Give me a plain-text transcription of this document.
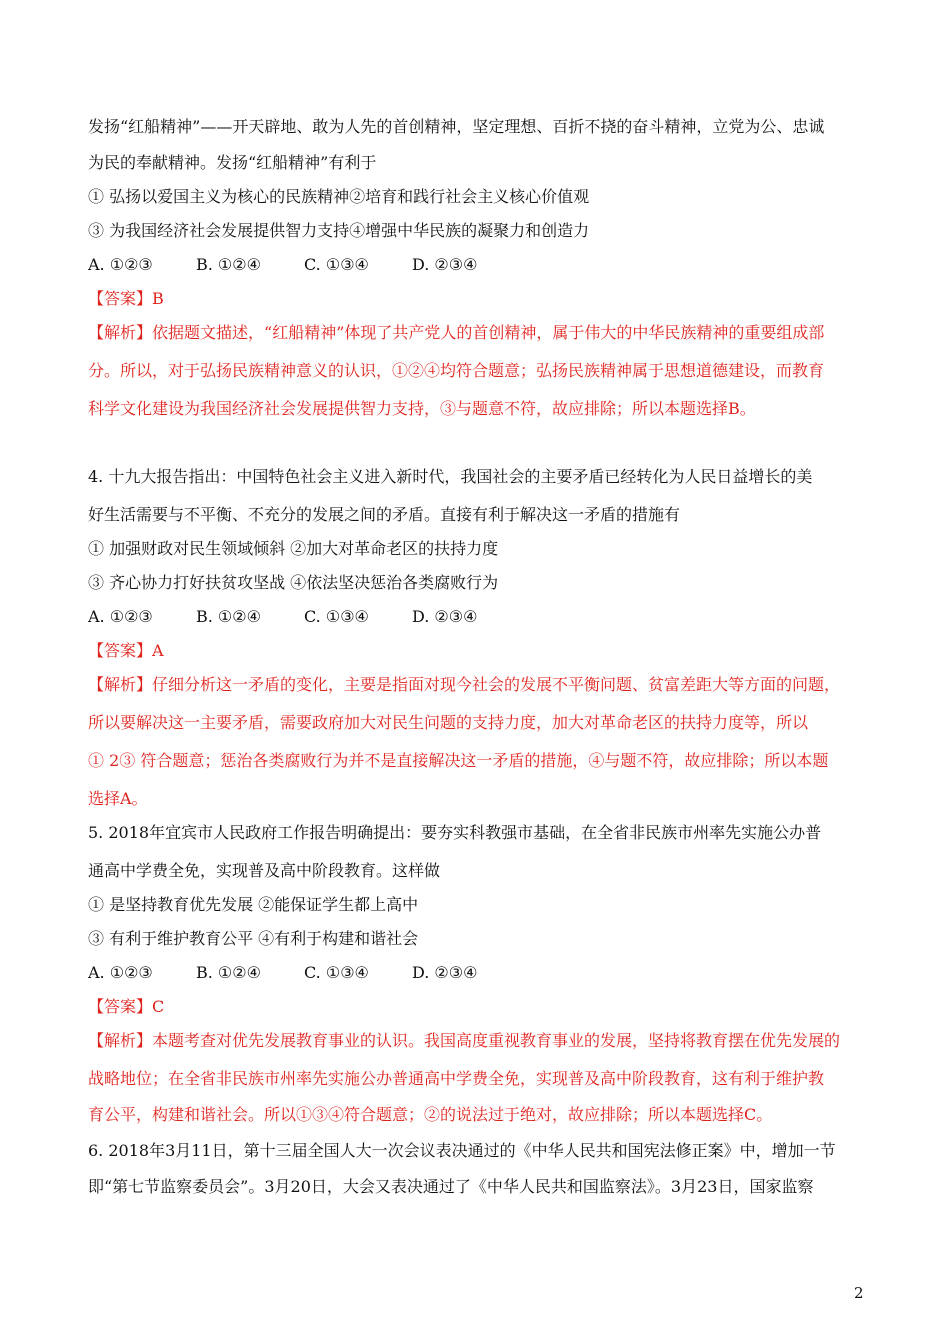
发扬“红船精神”——开天辟地、敢为人先的首创精神，坚定理想、百折不挠的奋斗精神，立党为公、忠诚
为民的奉献精神。发扬“红船精神”有利于
① 弘扬以爱国主义为核心的民族精神②培育和践行社会主义核心价值观
③ 为我国经济社会发展提供智力支持④增强中华民族的凝聚力和创造力
A. ①②③	B. ①②④	C. ①③④	D. ②③④
【答案】B
【解析】依据题文描述，“红船精神”体现了共产党人的首创精神，属于伟大的中华民族精神的重要组成部
分。所以，对于弘扬民族精神意义的认识，①②④均符合题意；弘扬民族精神属于思想道德建设，而教育
科学文化建设为我国经济社会发展提供智力支持，③与题意不符，故应排除；所以本题选择B。
4. 十九大报告指出：中国特色社会主义进入新时代，我国社会的主要矛盾已经转化为人民日益增长的美
好生活需要与不平衡、不充分的发展之间的矛盾。直接有利于解决这一矛盾的措施有
① 加强财政对民生领域倾斜 ②加大对革命老区的扶持力度
③ 齐心协力打好扶贫攻坚战 ④依法坚决惩治各类腐败行为
A. ①②③	B. ①②④	C. ①③④	D. ②③④
【答案】A
【解析】仔细分析这一矛盾的变化，主要是指面对现今社会的发展不平衡问题、贫富差距大等方面的问题，
所以要解决这一主要矛盾，需要政府加大对民生问题的支持力度，加大对革命老区的扶持力度等，所以
① 2③ 符合题意；惩治各类腐败行为并不是直接解决这一矛盾的措施，④与题不符，故应排除；所以本题
选择A。
5. 2018年宜宾市人民政府工作报告明确提出：要夯实科教强市基础，在全省非民族市州率先实施公办普
通高中学费全免，实现普及高中阶段教育。这样做
① 是坚持教育优先发展 ②能保证学生都上高中
③ 有利于维护教育公平 ④有利于构建和谐社会
A. ①②③	B. ①②④	C. ①③④	D. ②③④
【答案】C
【解析】本题考查对优先发展教育事业的认识。我国高度重视教育事业的发展，坚持将教育摆在优先发展的
战略地位；在全省非民族市州率先实施公办普通高中学费全免，实现普及高中阶段教育，这有利于维护教
育公平，构建和谐社会。所以①③④符合题意；②的说法过于绝对，故应排除；所以本题选择C。
6. 2018年3月11日，第十三届全国人大一次会议表决通过的《中华人民共和国宪法修正案》中，增加一节
即“第七节监察委员会”。3月20日，大会又表决通过了《中华人民共和国监察法》。3月23日，国家监察
2
